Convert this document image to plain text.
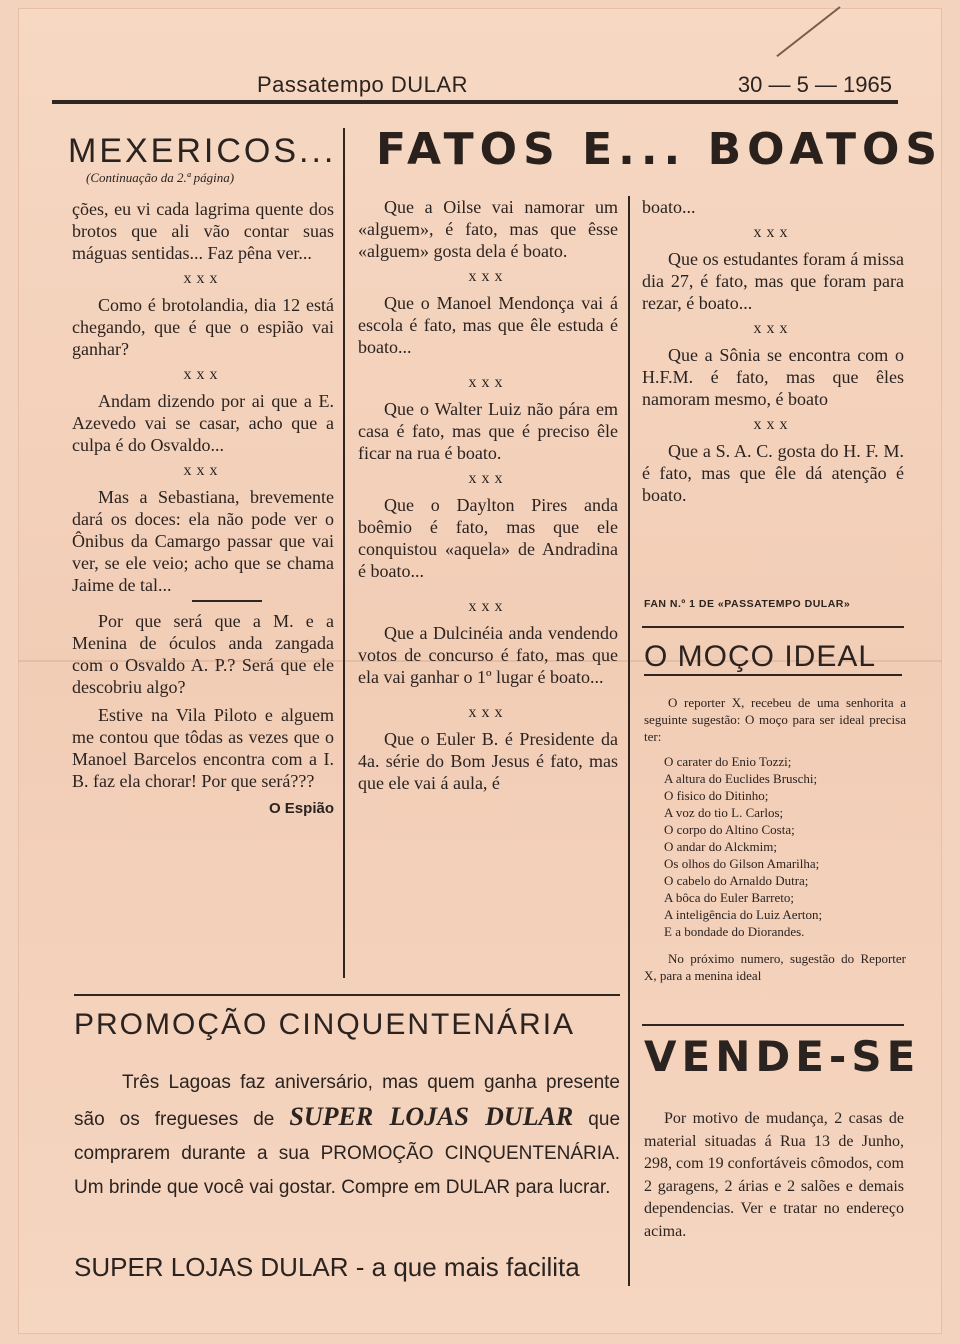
Passatempo DULAR	30 — 5 — 1965
MEXERICOS...
(Continuação da 2.ª página)

ções, eu vi cada lagrima quente dos brotos que ali vão contar suas máguas sentidas... Faz pêna ver...

xxx

Como é brotolandia, dia 12 está chegando, que é que o espião vai ganhar?

xxx

Andam dizendo por ai que a E. Azevedo vai se casar, acho que a culpa é do Osvaldo...

xxx

Mas a Sebastiana, brevemente dará os doces: ela não pode ver o Ônibus da Camargo passar que vai ver, se ele veio; acho que se chama Jaime de tal...

Por que será que a M. e a Menina de óculos anda zangada com o Osvaldo A. P.? Será que ele descobriu algo?

Estive na Vila Piloto e alguem me contou que tôdas as vezes que o Manoel Barcelos encontra com a I. B. faz ela chorar! Por que será???

O Espião
FATOS E... BOATOS

Que a Oilse vai namorar um «alguem», é fato, mas que êsse «alguem» gosta dela é boato.

xxx

Que o Manoel Mendonça vai á escola é fato, mas que êle estuda é boato...

xxx

Que o Walter Luiz não pára em casa é fato, mas que é preciso êle ficar na rua é boato.

xxx

Que o Daylton Pires anda boêmio é fato, mas que ele conquistou «aquela» de Andradina é boato...

xxx

Que a Dulcinéia anda vendendo votos de concurso é fato, mas que ela vai ganhar o 1º lugar é boato...

xxx

Que o Euler B. é Presidente da 4a. série do Bom Jesus é fato, mas que ele vai á aula, é

boato...

xxx

Que os estudantes foram á missa dia 27, é fato, mas que foram para rezar, é boato...

xxx

Que a Sônia se encontra com o H.F.M. é fato, mas que êles namoram mesmo, é boato

xxx

Que a S. A. C. gosta do H. F. M. é fato, mas que êle dá atenção é boato.

FAN N.º 1 DE «PASSATEMPO DULAR»
O MOÇO IDEAL

O reporter X, recebeu de uma senhorita a seguinte sugestão: O moço para ser ideal precisa ter:

O carater do Enio Tozzi;
A altura do Euclides Bruschi;
O fisico do Ditinho;
A voz do tio L. Carlos;
O corpo do Altino Costa;
O andar do Alckmim;
Os olhos do Gilson Amarilha;
O cabelo do Arnaldo Dutra;
A bôca do Euler Barreto;
A inteligência do Luiz Aerton;
E a bondade do Diorandes.

No próximo numero, sugestão do Reporter X, para a menina ideal

PROMOÇÃO CINQUENTENÁRIA
Três Lagoas faz aniversário, mas quem ganha presente são os fregueses de SUPER LOJAS DULAR que comprarem durante a sua PROMOÇÃO CINQUENTENÁRIA. Um brinde que você vai gostar. Compre em DULAR para lucrar.
SUPER LOJAS DULAR - a que mais facilita
VENDE-SE

Por motivo de mudança, 2 casas de material situadas á Rua 13 de Junho, 298, com 19 confortáveis cômodos, com 2 garagens, 2 árias e 2 salões e demais dependencias. Ver e tratar no endereço acima.
